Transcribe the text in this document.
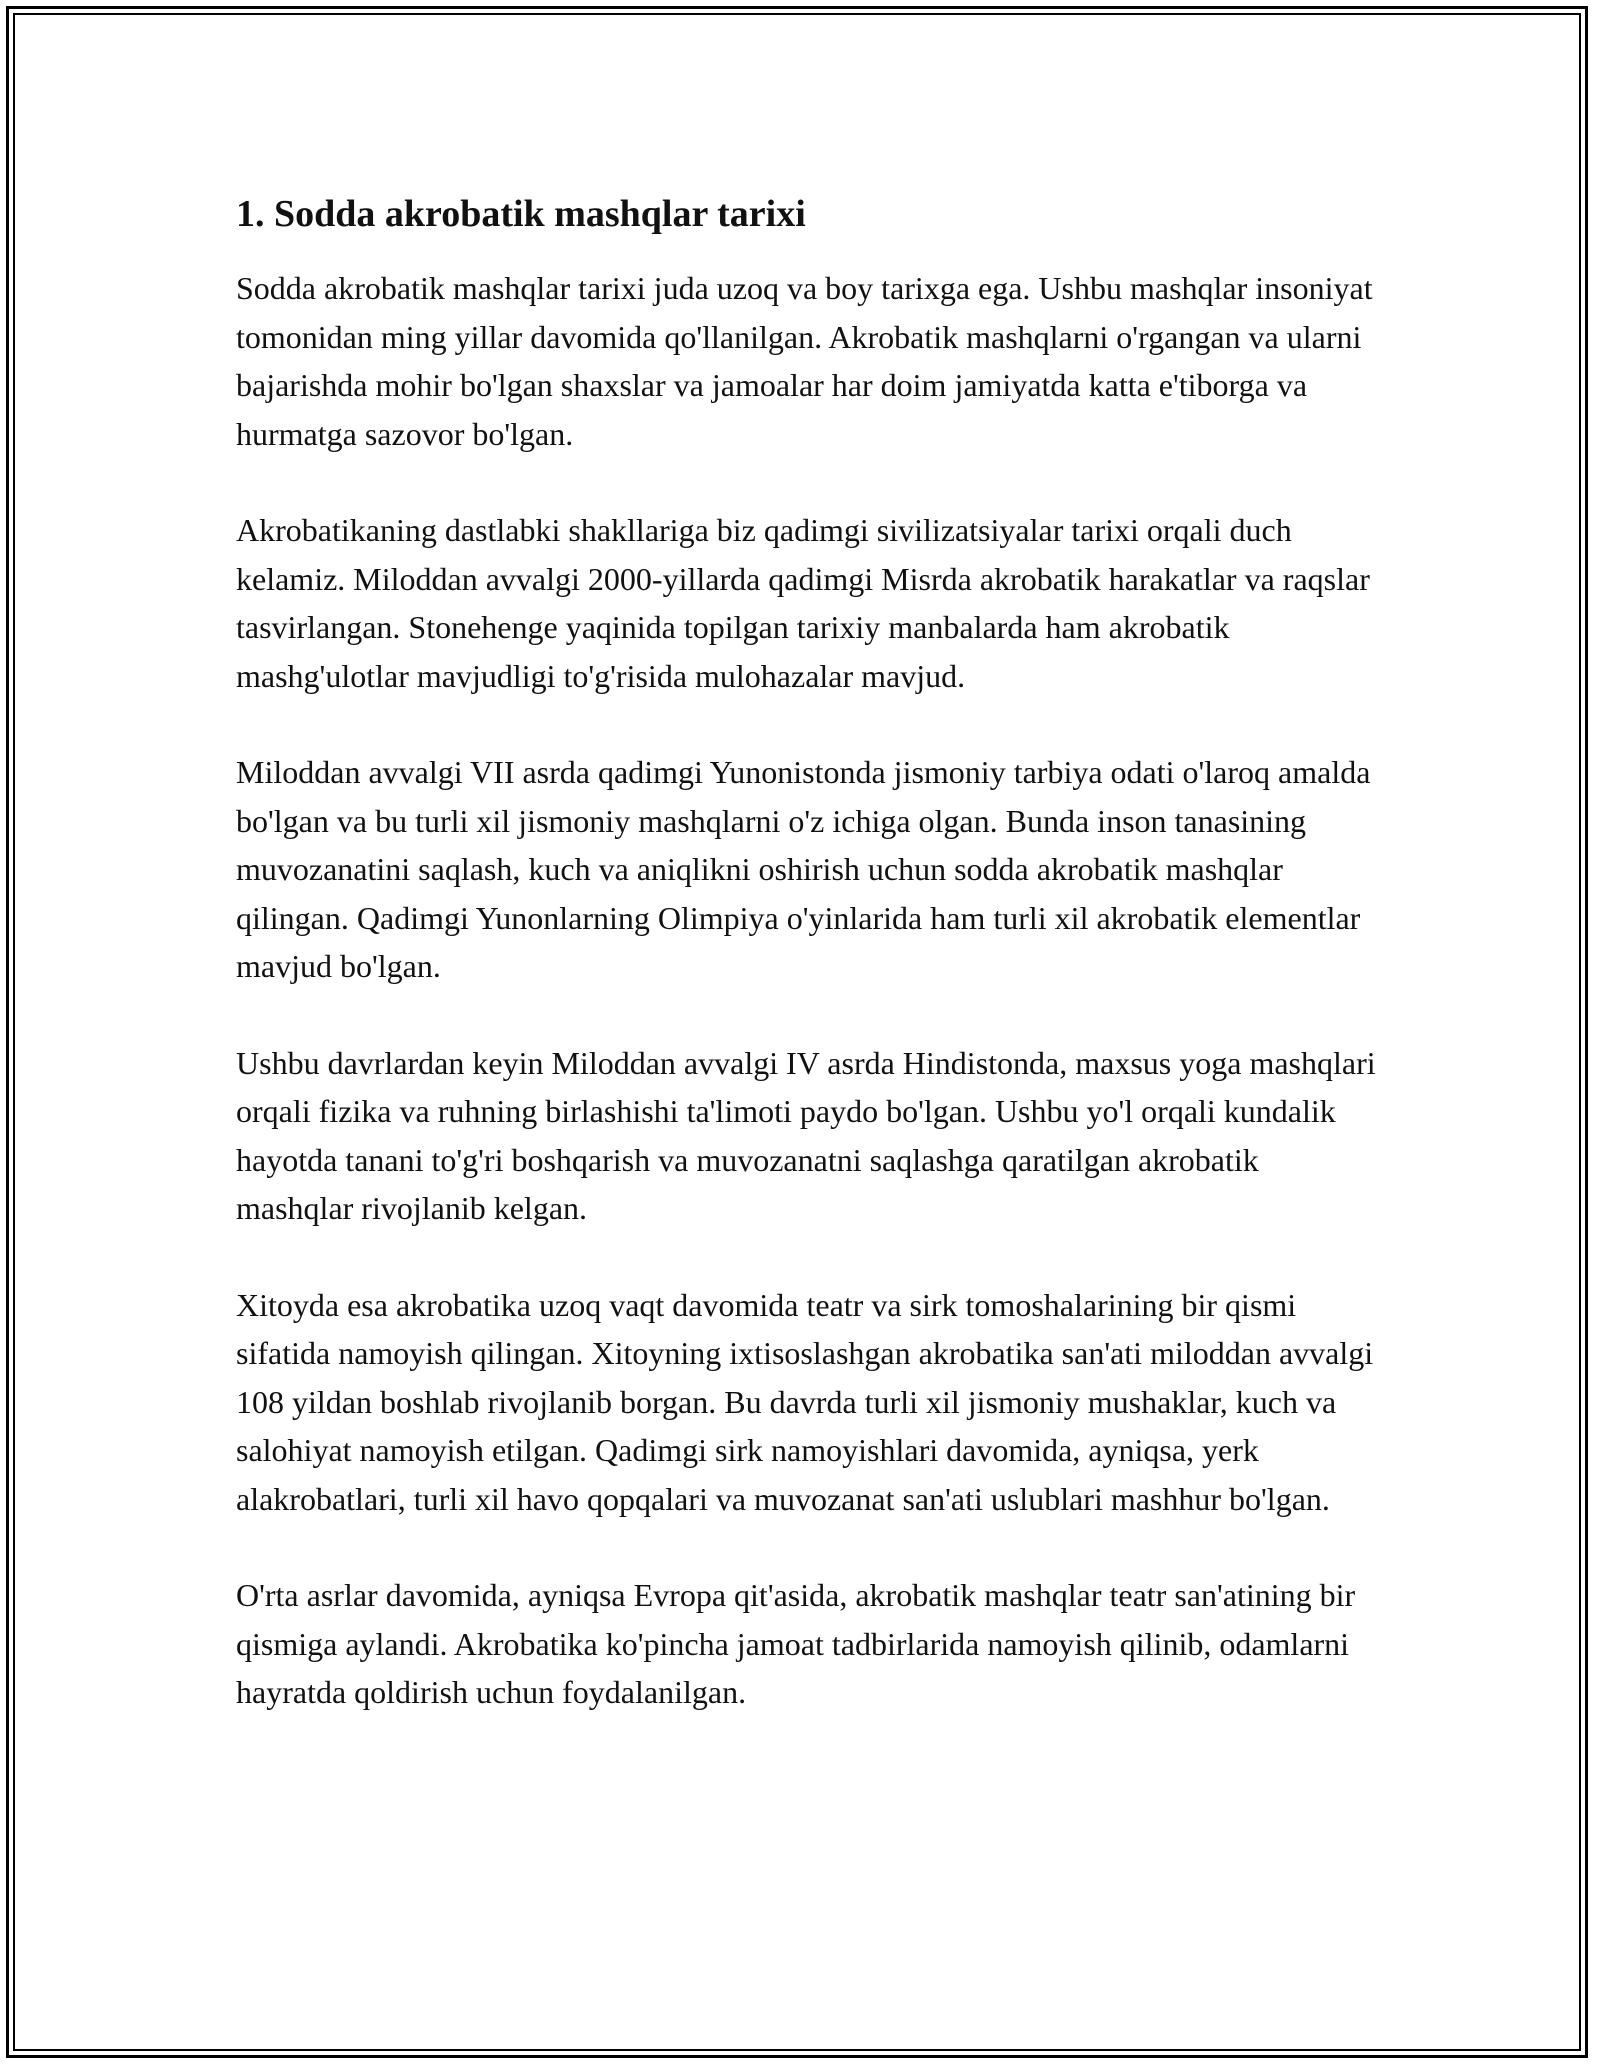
1. Sodda akrobatik mashqlar tarixi

Sodda akrobatik mashqlar tarixi juda uzoq va boy tarixga ega. Ushbu mashqlar insoniyat tomonidan ming yillar davomida qo'llanilgan. Akrobatik mashqlarni o'rgangan va ularni bajarishda mohir bo'lgan shaxslar va jamoalar har doim jamiyatda katta e'tiborga va hurmatga sazovor bo'lgan.

Akrobatikaning dastlabki shakllariga biz qadimgi sivilizatsiyalar tarixi orqali duch kelamiz. Miloddan avvalgi 2000-yillarda qadimgi Misrda akrobatik harakatlar va raqslar tasvirlangan. Stonehenge yaqinida topilgan tarixiy manbalarda ham akrobatik mashg'ulotlar mavjudligi to'g'risida mulohazalar mavjud.

Miloddan avvalgi VII asrda qadimgi Yunonistonda jismoniy tarbiya odati o'laroq amalda bo'lgan va bu turli xil jismoniy mashqlarni o'z ichiga olgan. Bunda inson tanasining muvozanatini saqlash, kuch va aniqlikni oshirish uchun sodda akrobatik mashqlar qilingan. Qadimgi Yunonlarning Olimpiya o'yinlarida ham turli xil akrobatik elementlar mavjud bo'lgan.

Ushbu davrlardan keyin Miloddan avvalgi IV asrda Hindistonda, maxsus yoga mashqlari orqali fizika va ruhning birlashishi ta'limoti paydo bo'lgan. Ushbu yo'l orqali kundalik hayotda tanani to'g'ri boshqarish va muvozanatni saqlashga qaratilgan akrobatik mashqlar rivojlanib kelgan.

Xitoyda esa akrobatika uzoq vaqt davomida teatr va sirk tomoshalarining bir qismi sifatida namoyish qilingan. Xitoyning ixtisoslashgan akrobatika san'ati miloddan avvalgi 108 yildan boshlab rivojlanib borgan. Bu davrda turli xil jismoniy mushaklar, kuch va salohiyat namoyish etilgan. Qadimgi sirk namoyishlari davomida, ayniqsa, yerk alakrobatlari, turli xil havo qopqalari va muvozanat san'ati uslublari mashhur bo'lgan.

O'rta asrlar davomida, ayniqsa Evropa qit'asida, akrobatik mashqlar teatr san'atining bir qismiga aylandi. Akrobatika ko'pincha jamoat tadbirlarida namoyish qilinib, odamlarni hayratda qoldirish uchun foydalanilgan.
